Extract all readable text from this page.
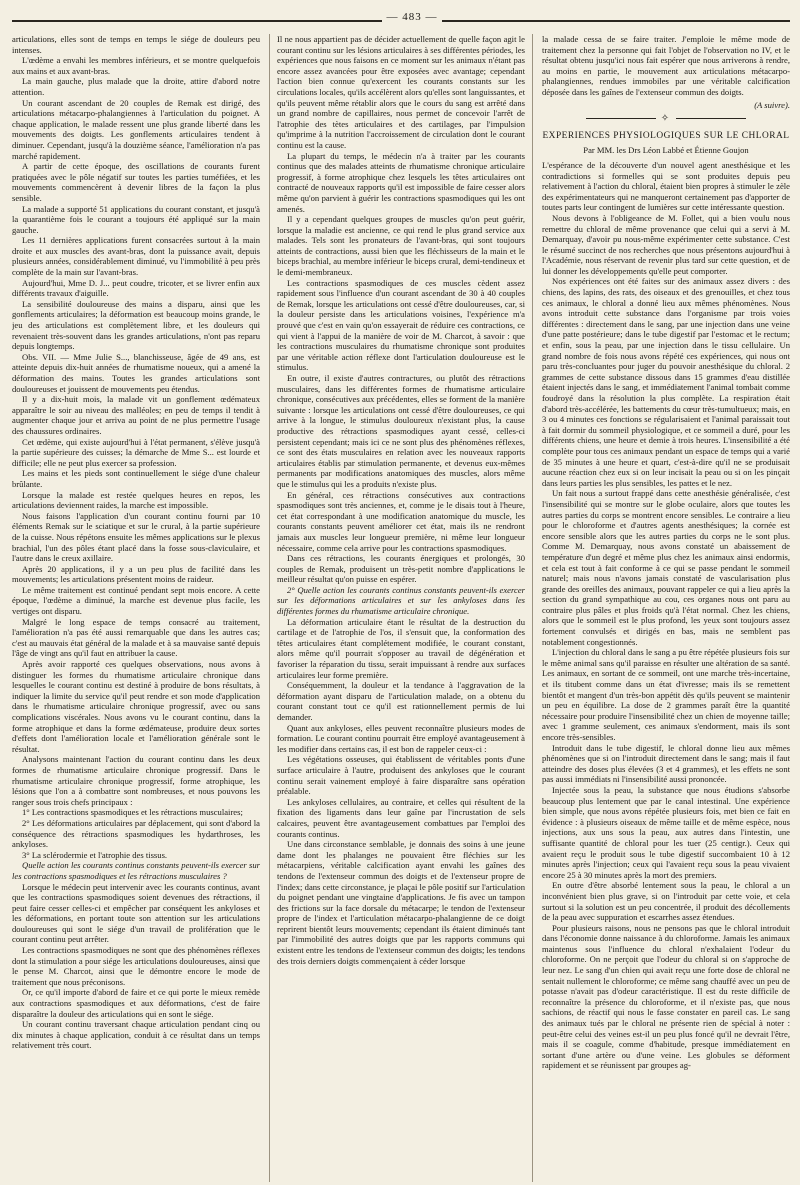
— 483 —

articulations, elles sont de temps en temps le siége de douleurs peu intenses.

L'œdème a envahi les membres inférieurs, et se montre quelquefois aux mains et aux avant-bras.

La main gauche, plus malade que la droite, attire d'abord notre attention.

Un courant ascendant de 20 couples de Remak est dirigé, des articulations métacarpo-phalangiennes à l'articulation du poignet. A chaque application, le malade ressent une plus grande liberté dans les mouvements des doigts. Les gonflements articulaires tendent à diminuer. Cependant, jusqu'à la douzième séance, l'amélioration n'a pas marché rapidement.

A partir de cette époque, des oscillations de courants furent pratiquées avec le pôle négatif sur toutes les parties tuméfiées, et les mouvements commencèrent à devenir libres de la façon la plus sensible.

La malade a supporté 51 applications du courant constant, et jusqu'à la quarantième fois le courant a toujours été appliqué sur la main gauche.

Les 11 dernières applications furent consacrées surtout à la main droite et aux muscles des avant-bras, dont la puissance avait, depuis plusieurs années, considérablement diminué, vu l'immobilité à peu près complète de la main sur l'avant-bras.

Aujourd'hui, Mme D. J... peut coudre, tricoter, et se livrer enfin aux différents travaux d'aiguille.

La sensibilité douloureuse des mains a disparu, ainsi que les gonflements articulaires; la déformation est beaucoup moins grande, le jeu des articulations est complètement libre, et les douleurs qui revenaient très-souvent dans les grandes articulations, n'ont pas reparu depuis longtemps.

Obs. VII. — Mme Julie S..., blanchisseuse, âgée de 49 ans, est atteinte depuis dix-huit années de rhumatisme noueux, qui a amené la déformation des mains. Toutes les grandes articulations sont douloureuses et jouissent de mouvements peu étendus.

Il y a dix-huit mois, la malade vit un gonflement œdémateux apparaître le soir au niveau des malléoles; en peu de temps il tendit à augmenter chaque jour et arriva au point de ne plus permettre l'usage des chaussures ordinaires.

Cet œdème, qui existe aujourd'hui à l'état permanent, s'élève jusqu'à la partie supérieure des cuisses; la démarche de Mme S... est lourde et difficile; elle ne peut plus exercer sa profession.

Les mains et les pieds sont continuellement le siége d'une chaleur brûlante.

Lorsque la malade est restée quelques heures en repos, les articulations deviennent raides, la marche est impossible.

Nous faisons l'application d'un courant continu fourni par 10 éléments Remak sur le sciatique et sur le crural, à la partie supérieure de la cuisse. Nous répétons ensuite les mêmes applications sur le plexus brachial, l'un des pôles étant placé dans la fosse sous-claviculaire, et l'autre dans le creux axillaire.

Après 20 applications, il y a un peu plus de facilité dans les mouvements; les articulations présentent moins de raideur.

Le même traitement est continué pendant sept mois encore. A cette époque, l'œdème a diminué, la marche est devenue plus facile, les vertiges ont disparu.

Malgré le long espace de temps consacré au traitement, l'amélioration n'a pas été aussi remarquable que dans les autres cas; c'est au mauvais état général de la malade et à sa mauvaise santé depuis l'âge de vingt ans qu'il faut en attribuer la cause.

Après avoir rapporté ces quelques observations, nous avons à distinguer les formes du rhumatisme articulaire chronique dans lesquelles le courant continu est destiné à produire de bons résultats, à indiquer la limite du service qu'il peut rendre et son mode d'application dans le rhumatisme articulaire chronique progressif, avec ou sans complications viscérales. Nous avons vu le courant continu, dans la forme atrophique et dans la forme œdémateuse, produire deux sortes d'effets dont l'amélioration locale et l'amélioration générale sont le résultat.

Analysons maintenant l'action du courant continu dans les deux formes de rhumatisme articulaire chronique progressif. Dans le rhumatisme articulaire chronique progressif, forme atrophique, les lésions que l'on a à combattre sont nombreuses, et nous pouvons les ranger sous trois chefs principaux :

1° Les contractions spasmodiques et les rétractions musculaires;

2° Les déformations articulaires par déplacement, qui sont d'abord la conséquence des rétractions spasmodiques les hydarthroses, les ankyloses.

3° La sclérodermie et l'atrophie des tissus.

Quelle action les courants continus constants peuvent-ils exercer sur les contractions spasmodiques et les rétractions musculaires ?

Lorsque le médecin peut intervenir avec les courants continus, avant que les contractions spasmodiques soient devenues des rétractions, il peut faire cesser celles-ci et empêcher par conséquent les ankyloses et les déformations, en portant toute son attention sur les articulations douloureuses qui sont le siége d'un travail de prolifération que le courant continu peut arrêter.

Les contractions spasmodiques ne sont que des phénomènes réflexes dont la stimulation a pour siége les articulations douloureuses, ainsi que le pense M. Charcot, ainsi que le démontre encore le mode de traitement que nous préconisons.

Or, ce qu'il importe d'abord de faire et ce qui porte le mieux remède aux contractions spasmodiques et aux déformations, c'est de faire disparaître la douleur des articulations qui en sont le siége.

Un courant continu traversant chaque articulation pendant cinq ou dix minutes à chaque application, conduit à ce résultat dans un temps relativement très court.

Il ne nous appartient pas de décider actuellement de quelle façon agit le courant continu sur les lésions articulaires à ses différentes périodes, les expériences que nous faisons en ce moment sur les animaux n'étant pas encore assez avancées pour être exposées avec avantage; cependant l'action bien connue qu'exercent les courants constants sur les circulations locales, qu'ils accélèrent alors qu'elles sont languissantes, et qu'ils peuvent même rétablir alors que le cours du sang est arrêté dans un grand nombre de capillaires, nous permet de concevoir l'arrêt de l'atrophie des tètes articulaires et des cartilages, par l'impulsion qu'imprime à la nutrition l'accroissement de circulation dont le courant continu est la cause.

La plupart du temps, le médecin n'a à traiter par les courants continus que des malades atteints de rhumatisme chronique articulaire progressif, à forme atrophique chez lesquels les têtes articulaires ont contracté de nouveaux rapports qu'il est impossible de faire cesser alors même qu'on parvient à guérir les contractions spasmodiques qui les ont amenés.

Il y a cependant quelques groupes de muscles qu'on peut guérir, lorsque la maladie est ancienne, ce qui rend le plus grand service aux malades. Tels sont les pronateurs de l'avant-bras, qui sont toujours atteints de contractions, aussi bien que les fléchisseurs de la main et le biceps brachial, au membre inférieur le biceps crural, demi-tendineux et le demi-membraneux.

Les contractions spasmodiques de ces muscles cèdent assez rapidement sous l'influence d'un courant ascendant de 30 à 40 couples de Remak, lorsque les articulations ont cessé d'être douloureuses, car, si la douleur persiste dans les articulations voisines, l'expérience m'a prouvé que c'est en vain qu'on essayerait de réduire ces contractions, ce qui vient à l'appui de la manière de voir de M. Charcot, à savoir : que les contractions musculaires du rhumatisme chronique sont produites par une véritable action réflexe dont l'articulation douloureuse est le stimulus.

En outre, il existe d'autres contractures, ou plutôt des rétractions musculaires, dans les différentes formes de rhumatisme articulaire chronique, consécutives aux précédentes, elles se forment de la manière suivante : lorsque les articulations ont cessé d'être douloureuses, ce qui arrive à la longue, le stimulus douloureux n'existant plus, la cause productive des rétractions spasmodiques ayant cessé, celles-ci persistent cependant; mais ici ce ne sont plus des phénomènes réflexes, ce sont des états musculaires en relation avec les nouveaux rapports articulaires établis par stimulation permanente, et devenus eux-mêmes permanents par modifications anatomiques des muscles, alors même que le stimulus qui les a produits n'existe plus.

En général, ces rétractions consécutives aux contractions spasmodiques sont très anciennes, et, comme je le disais tout à l'heure, cet état correspondant à une modification anatomique du muscle, les courants constants peuvent améliorer cet état, mais ils ne rendront jamais aux muscles leur longueur première, ni même leur longueur nécessaire, comme cela arrive pour les contractions spasmodiques.

Dans ces rétractions, les courants énergiques et prolongés, 30 couples de Remak, produisent un très-petit nombre d'applications le meilleur résultat qu'on puisse en espérer.

2° Quelle action les courants continus constants peuvent-ils exercer sur les déformations articulaires et sur les ankyloses dans les différentes formes du rhumatisme articulaire chronique.

La déformation articulaire étant le résultat de la destruction du cartilage et de l'atrophie de l'os, il s'ensuit que, la conformation des têtes articulaires étant complétement modifiée, le courant constant, alors même qu'il pourrait s'opposer au travail de dégénération et favoriser la réparation du tissu, serait impuissant à rendre aux surfaces articulaires leur forme première.

Conséquemment, la douleur et la tendance à l'aggravation de la déformation ayant disparu de l'articulation malade, on a obtenu du courant constant tout ce qu'il est rationnellement permis de lui demander.

Quant aux ankyloses, elles peuvent reconnaître plusieurs modes de formation. Le courant continu pourrait être employé avantageusement à les modifier dans certains cas, il est bon de rappeler ceux-ci :

Les végétations osseuses, qui établissent de véritables ponts d'une surface articulaire à l'autre, produisent des ankyloses que le courant continu serait vainement employé à faire disparaître sans opération préalable.

Les ankyloses cellulaires, au contraire, et celles qui résultent de la fixation des ligaments dans leur gaîne par l'incrustation de sels calcaires, peuvent être avantageusement combattues par l'emploi des courants continus.

Une dans circonstance semblable, je donnais des soins à une jeune dame dont les phalanges ne pouvaient être fléchies sur les métacarpiens, véritable calcification ayant envahi les gaînes des tendons de l'extenseur commun des doigts et de l'extenseur propre de l'index; dans cette circonstance, je plaçai le pôle positif sur l'articulation du poignet pendant une vingtaine d'applications. Je fis avec un tampon des frictions sur la face dorsale du métacarpe; le tendon de l'extenseur propre de l'index et l'articulation métacarpo-phalangienne de ce doigt reprirent bientôt leurs mouvements; cependant ils étaient diminués tant par l'immobilité des autres doigts que par les rapports communs qui existent entre les tendons de l'extenseur commun des doigts; les tendons des trois derniers doigts commençaient à céder lorsque

la malade cessa de se faire traiter. J'emploie le même mode de traitement chez la personne qui fait l'objet de l'observation no IV, et le résultat obtenu jusqu'ici nous fait espérer que nous arriverons à rendre, au moins en partie, le mouvement aux articulations métacarpo-phalangiennes, rendues immobiles par une véritable calcification déposée dans les gaînes de l'extenseur commun des doigts.

(A suivre).

✧
EXPERIENCES PHYSIOLOGIQUES SUR LE CHLORAL
Par MM. les Drs Léon Labbé et Étienne Goujon

L'espérance de la découverte d'un nouvel agent anesthésique et les contradictions si formelles qui se sont produites depuis peu relativement à l'action du chloral, étaient bien propres à stimuler le zèle des expérimentateurs qui ne manqueront certainement pas d'apporter de toutes parts leur contingent de lumières sur cette intéressante question.

Nous devons à l'obligeance de M. Follet, qui a bien voulu nous remettre du chloral de même provenance que celui qui a servi à M. Demarquay, d'avoir pu nous-même expérimenter cette substance. C'est le résumé succinct de nos recherches que nous présentons aujourd'hui à l'Académie, nous réservant de revenir plus tard sur cette question, et de lui donner les développements qu'elle peut comporter.

Nos expériences ont été faites sur des animaux assez divers : des chiens, des lapins, des rats, des oiseaux et des grenouilles, et chez tous ces animaux, le chloral a donné lieu aux mêmes phénomènes. Nous avons introduit cette substance dans l'organisme par trois voies différentes : directement dans le sang, par une injection dans une veine d'une patte postérieure; dans le tube digestif par l'estomac et le rectum; et enfin, sous la peau, par une injection dans le tissu cellulaire. Un grand nombre de fois nous avons répété ces expériences, qui nous ont paru très-concluantes pour juger du pouvoir anesthésique du chloral. 2 grammes de cette substance dissous dans 15 grammes d'eau distillée étaient injectés dans le sang, et immédiatement l'animal tombait comme foudroyé dans la résolution la plus complète. La respiration était d'abord très-accélérée, les battements du cœur très-tumultueux; mais, en 3 ou 4 minutes ces fonctions se régularisaient et l'animal paraissait tout à fait dormir du sommeil physiologique, et ce sommeil a duré, pour les différents chiens, une heure et demie à trois heures. L'insensibilité a été complète pour tous ces animaux pendant un espace de temps qui a varié de 35 minutes à une heure et quart, c'est-à-dire qu'il ne se produisait aucune réaction chez eux si on leur incisait la peau ou si on les pinçait dans leurs parties les plus sensibles, les pattes et le nez.

Un fait nous a surtout frappé dans cette anesthésie généralisée, c'est l'insensibilité qui se montre sur le globe oculaire, alors que toutes les autres parties du corps se montrent encore sensibles. Le contraire a lieu pour le chloroforme et d'autres agents anesthésiques; la cornée est encore sensible alors que les autres parties du corps ne le sont plus. Comme M. Demarquay, nous avons constaté un abaissement de température d'un degré et même plus chez les animaux ainsi endormis, et cela est tout à fait conforme à ce qui se passe pendant le sommeil naturel; mais nous n'avons jamais constaté de vascularisation plus grande des oreilles des animaux, pouvant rappeler ce qui a lieu après la section du grand sympathique au cou, ces organes nous ont paru au contraire plus pâles et plus froids qu'à l'état normal. Chez les chiens, alors que le sommeil est le plus profond, les yeux sont toujours assez fortement convulsés et dirigés en bas, mais ne semblent pas notablement congestionnés.

L'injection du chloral dans le sang a pu être répétée plusieurs fois sur le même animal sans qu'il paraisse en résulter une altération de sa santé. Les animaux, en sortant de ce sommeil, ont une marche très-incertaine, et ils titubent comme dans un état d'ivresse; mais ils se remettent bientôt et mangent d'un très-bon appétit dès qu'ils peuvent se maintenir un peu en équilibre. La dose de 2 grammes paraît être la quantité nécessaire pour produire l'insensibilité chez un chien de moyenne taille; avec 1 gramme seulement, ces animaux s'endorment, mais ils sont encore très-sensibles.

Introduit dans le tube digestif, le chloral donne lieu aux mêmes phénomènes que si on l'introduit directement dans le sang; mais il faut atteindre des doses plus élevées (3 et 4 grammes), et les effets ne sont pas aussi immédiats ni l'insensibilité aussi prononcée.

Injectée sous la peau, la substance que nous étudions s'absorbe beaucoup plus lentement que par le canal intestinal. Une expérience bien simple, que nous avons répétée plusieurs fois, met bien ce fait en évidence : à plusieurs oiseaux de même taille et de même espèce, nous injections, aux uns sous la peau, aux autres dans l'intestin, une suffisante quantité de chloral pour les tuer (25 centigr.). Ceux qui avaient reçu le produit sous le tube digestif succombaient 10 à 12 minutes après l'injection; ceux qui l'avaient reçu sous la peau vivaient encore 25 à 30 minutes après la mort des premiers.

En outre d'être absorbé lentement sous la peau, le chloral a un inconvénient bien plus grave, si on l'introduit par cette voie, et cela surtout si la solution est un peu concentrée, il produit des décollements de la peau avec suppuration et escarrhes assez étendues.

Pour plusieurs raisons, nous ne pensons pas que le chloral introduit dans l'économie donne naissance à du chloroforme. Jamais les animaux maintenus sous l'influence du chloral n'exhalaient l'odeur du chloroforme. On ne perçoit que l'odeur du chloral si on s'approche de leur nez. Le sang d'un chien qui avait reçu une forte dose de chloral ne sentait nullement le chloroforme; ce même sang chauffé avec un peu de potasse n'avait pas d'odeur caractéristique. Il est du reste difficile de reconnaître la présence du chloroforme, et il n'existe pas, que nous sachions, de réactif qui nous le fasse constater en pareil cas. Le sang des animaux tués par le chloral ne présente rien de spécial à noter : peut-être celui des veines est-il un peu plus foncé qu'il ne devrait l'être, mais il se coagule, comme d'habitude, presque immédiatement en sortant d'une artère ou d'une veine. Les globules se déforment rapidement et se réunissent par groupes ag-
